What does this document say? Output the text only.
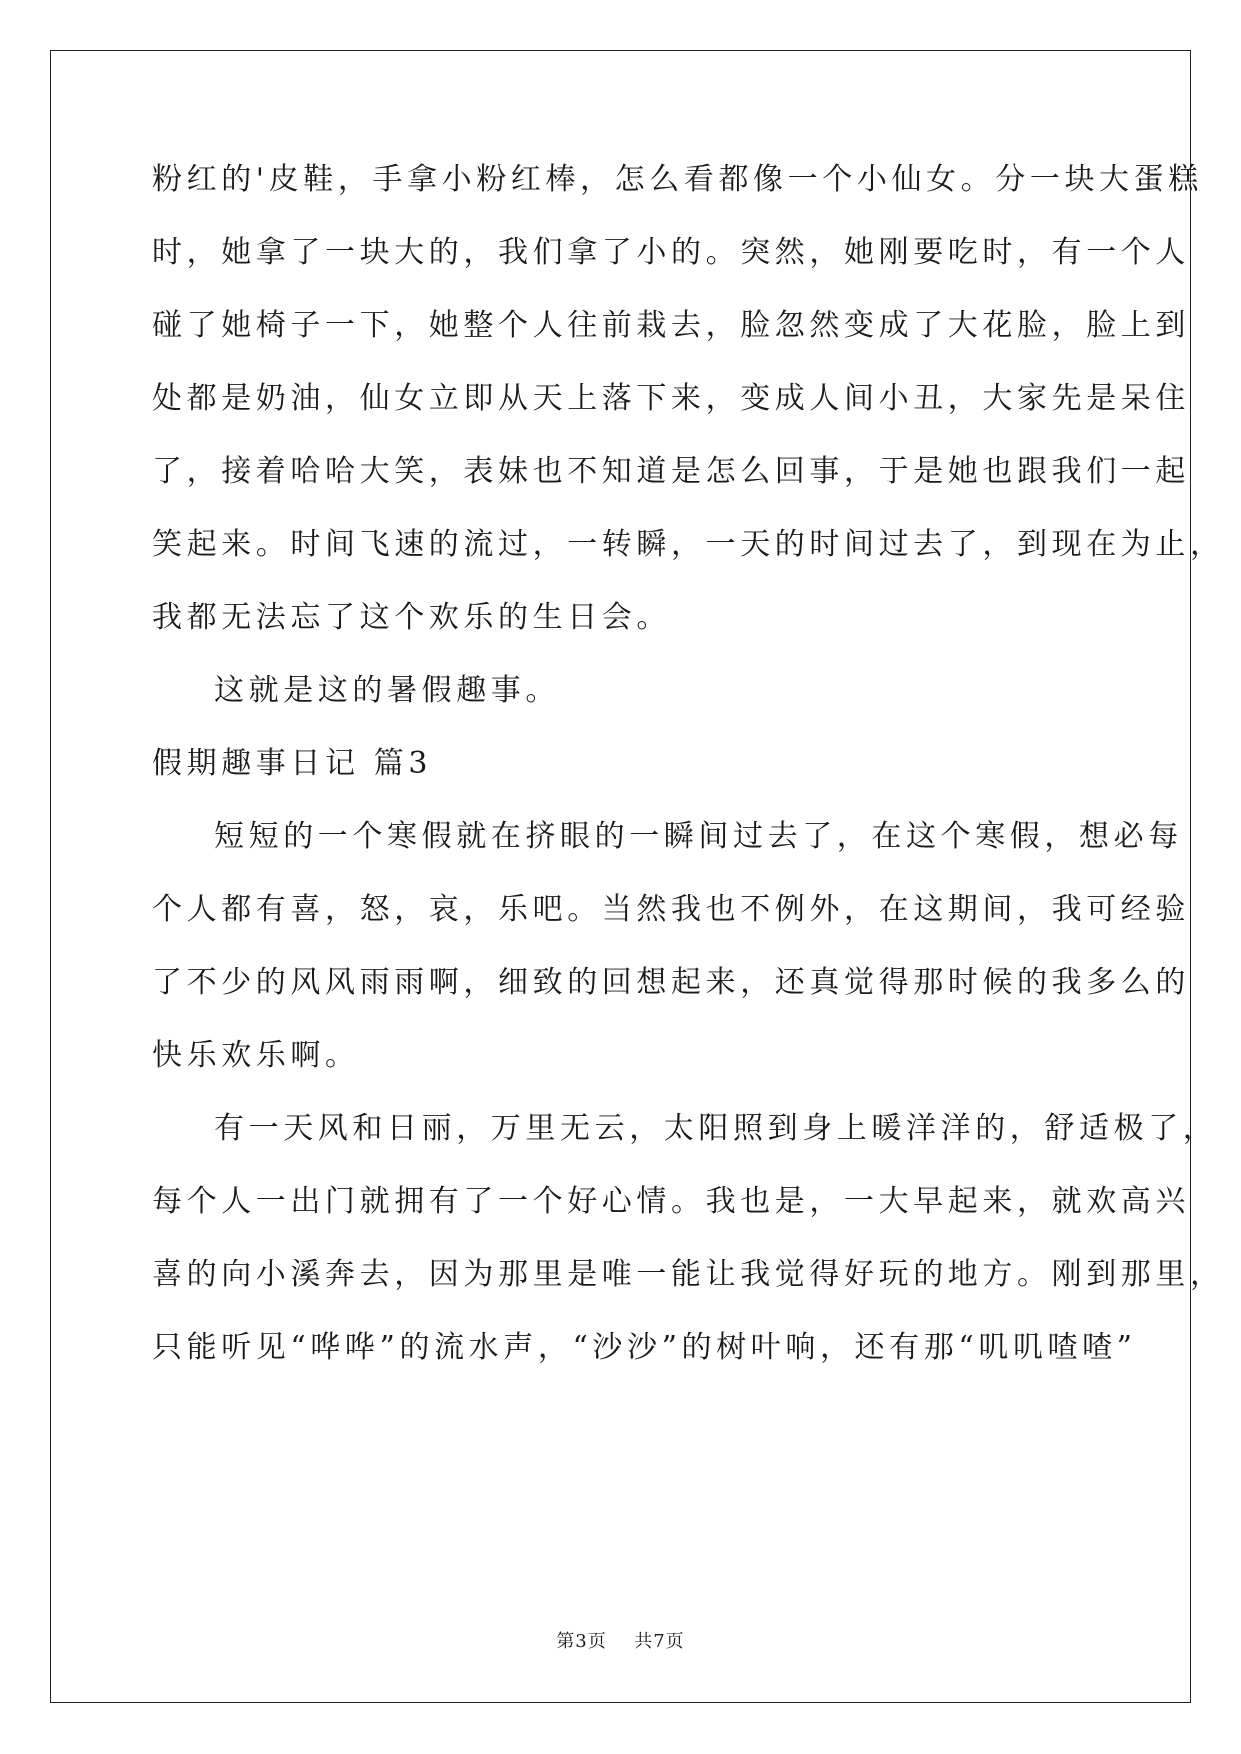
粉红的'皮鞋，手拿小粉红棒，怎么看都像一个小仙女。分一块大蛋糕
时，她拿了一块大的，我们拿了小的。突然，她刚要吃时，有一个人
碰了她椅子一下，她整个人往前栽去，脸忽然变成了大花脸，脸上到
处都是奶油，仙女立即从天上落下来，变成人间小丑，大家先是呆住
了，接着哈哈大笑，表妹也不知道是怎么回事，于是她也跟我们一起
笑起来。时间飞速的流过，一转瞬，一天的时间过去了，到现在为止，
我都无法忘了这个欢乐的生日会。
这就是这的暑假趣事。
假期趣事日记 篇3
短短的一个寒假就在挤眼的一瞬间过去了，在这个寒假，想必每
个人都有喜，怒，哀，乐吧。当然我也不例外，在这期间，我可经验
了不少的风风雨雨啊，细致的回想起来，还真觉得那时候的我多么的
快乐欢乐啊。
有一天风和日丽，万里无云，太阳照到身上暖洋洋的，舒适极了，
每个人一出门就拥有了一个好心情。我也是，一大早起来，就欢高兴
喜的向小溪奔去，因为那里是唯一能让我觉得好玩的地方。刚到那里，
只能听见“哗哗”的流水声，“沙沙”的树叶响，还有那“叽叽喳喳”
第3页 共7页
